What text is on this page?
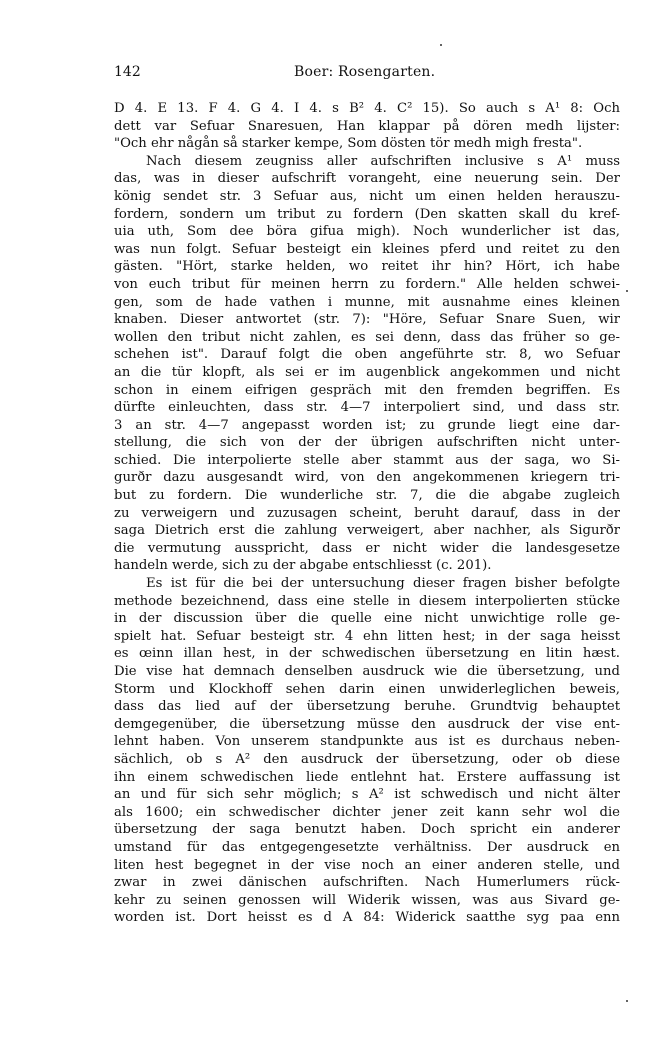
142	Boer: Rosengarten.
D 4. E 13. F 4. G 4. I 4. s B² 4. C² 15). So auch s A¹ 8: Och
dett var Sefuar Snaresuen, Han klappar på dören medh lijster:
"Och ehr någån så starker kempe, Som dösten tör medh migh fresta".
Nach diesem zeugniss aller aufschriften inclusive s A¹ muss
das, was in dieser aufschrift vorangeht, eine neuerung sein. Der
könig sendet str. 3 Sefuar aus, nicht um einen helden herauszu-
fordern, sondern um tribut zu fordern (Den skatten skall du kref-
uia uth, Som dee böra gifua migh). Noch wunderlicher ist das,
was nun folgt. Sefuar besteigt ein kleines pferd und reitet zu den
gästen. "Hört, starke helden, wo reitet ihr hin? Hört, ich habe
von euch tribut für meinen herrn zu fordern." Alle helden schwei-
gen, som de hade vathen i munne, mit ausnahme eines kleinen
knaben. Dieser antwortet (str. 7): "Höre, Sefuar Snare Suen, wir
wollen den tribut nicht zahlen, es sei denn, dass das früher so ge-
schehen ist". Darauf folgt die oben angeführte str. 8, wo Sefuar
an die tür klopft, als sei er im augenblick angekommen und nicht
schon in einem eifrigen gespräch mit den fremden begriffen. Es
dürfte einleuchten, dass str. 4—7 interpoliert sind, und dass str.
3 an str. 4—7 angepasst worden ist; zu grunde liegt eine dar-
stellung, die sich von der der übrigen aufschriften nicht unter-
schied. Die interpolierte stelle aber stammt aus der saga, wo Si-
gurðr dazu ausgesandt wird, von den angekommenen kriegern tri-
but zu fordern. Die wunderliche str. 7, die die abgabe zugleich
zu verweigern und zuzusagen scheint, beruht darauf, dass in der
saga Dietrich erst die zahlung verweigert, aber nachher, als Sigurðr
die vermutung ausspricht, dass er nicht wider die landesgesetze
handeln werde, sich zu der abgabe entschliesst (c. 201).
Es ist für die bei der untersuchung dieser fragen bisher befolgte
methode bezeichnend, dass eine stelle in diesem interpolierten stücke
in der discussion über die quelle eine nicht unwichtige rolle ge-
spielt hat. Sefuar besteigt str. 4 ehn litten hest; in der saga heisst
es œinn illan hest, in der schwedischen übersetzung en litin hæst.
Die vise hat demnach denselben ausdruck wie die übersetzung, und
Storm und Klockhoff sehen darin einen unwiderleglichen beweis,
dass das lied auf der übersetzung beruhe. Grundtvig behauptet
demgegenüber, die übersetzung müsse den ausdruck der vise ent-
lehnt haben. Von unserem standpunkte aus ist es durchaus neben-
sächlich, ob s A² den ausdruck der übersetzung, oder ob diese
ihn einem schwedischen liede entlehnt hat. Erstere auffassung ist
an und für sich sehr möglich; s A² ist schwedisch und nicht älter
als 1600; ein schwedischer dichter jener zeit kann sehr wol die
übersetzung der saga benutzt haben. Doch spricht ein anderer
umstand für das entgegengesetzte verhältniss. Der ausdruck en
liten hest begegnet in der vise noch an einer anderen stelle, und
zwar in zwei dänischen aufschriften. Nach Humerlumers rück-
kehr zu seinen genossen will Widerik wissen, was aus Sivard ge-
worden ist. Dort heisst es d A 84: Widerick saatthe syg paa enn
